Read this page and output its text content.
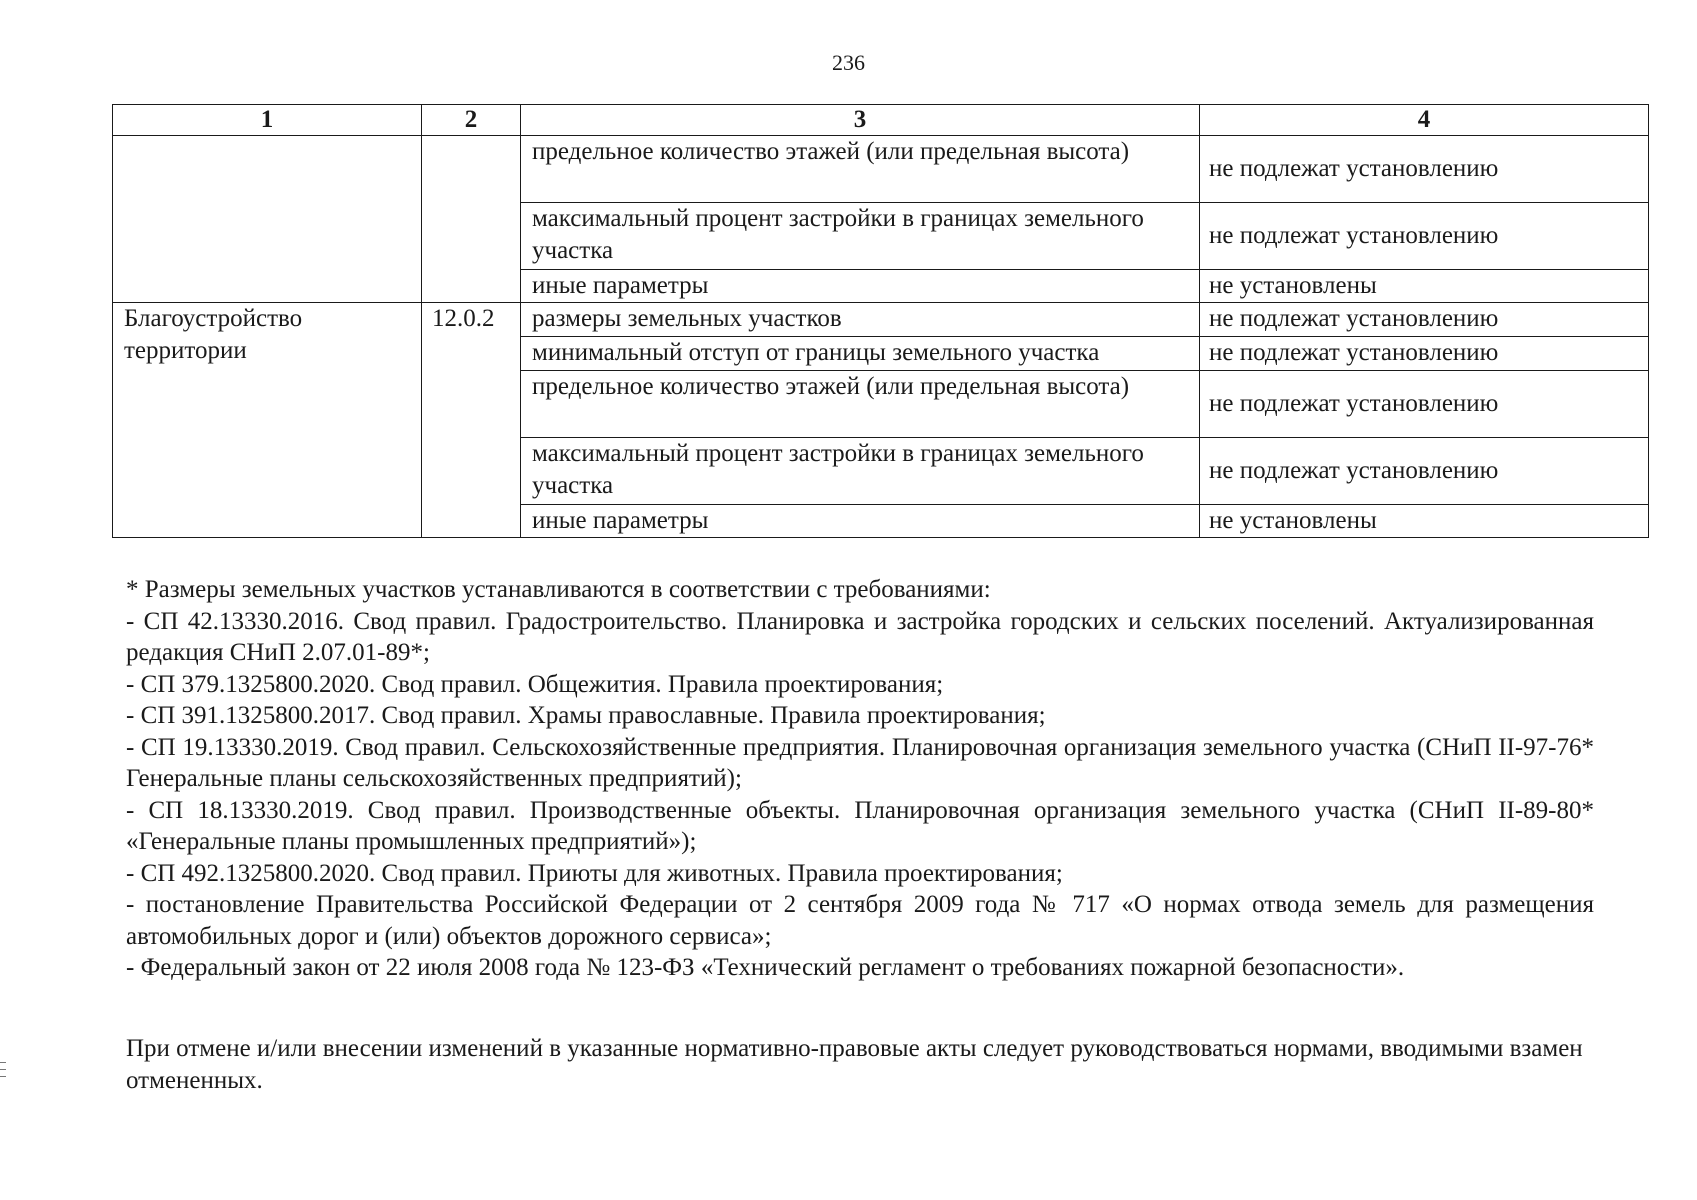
236
1	2	3	4
		предельное количество этажей (или предельная высота)	не подлежат установлению
		максимальный процент застройки в границах земельного участка	не подлежат установлению
		иные параметры	не установлены
Благоустройство территории	12.0.2	размеры земельных участков	не подлежат установлению
		минимальный отступ от границы земельного участка	не подлежат установлению
		предельное количество этажей (или предельная высота)	не подлежат установлению
		максимальный процент застройки в границах земельного участка	не подлежат установлению
		иные параметры	не установлены

* Размеры земельных участков устанавливаются в соответствии с требованиями:

- СП 42.13330.2016. Свод правил. Градостроительство. Планировка и застройка городских и сельских поселений. Актуализированная редакция СНиП 2.07.01-89*;

- СП 379.1325800.2020. Свод правил. Общежития. Правила проектирования;

- СП 391.1325800.2017. Свод правил. Храмы православные. Правила проектирования;

- СП 19.13330.2019. Свод правил. Сельскохозяйственные предприятия. Планировочная организация земельного участка (СНиП II-97-76* Генеральные планы сельскохозяйственных предприятий);

- СП 18.13330.2019. Свод правил. Производственные объекты. Планировочная организация земельного участка (СНиП II-89-80* «Генеральные планы промышленных предприятий»);

- СП 492.1325800.2020. Свод правил. Приюты для животных. Правила проектирования;

- постановление Правительства Российской Федерации от 2 сентября 2009 года № 717 «О нормах отвода земель для размещения автомобильных дорог и (или) объектов дорожного сервиса»;

- Федеральный закон от 22 июля 2008 года № 123-ФЗ «Технический регламент о требованиях пожарной безопасности».

При отмене и/или внесении изменений в указанные нормативно-правовые акты следует руководствоваться нормами, вводимыми взамен отмененных.
